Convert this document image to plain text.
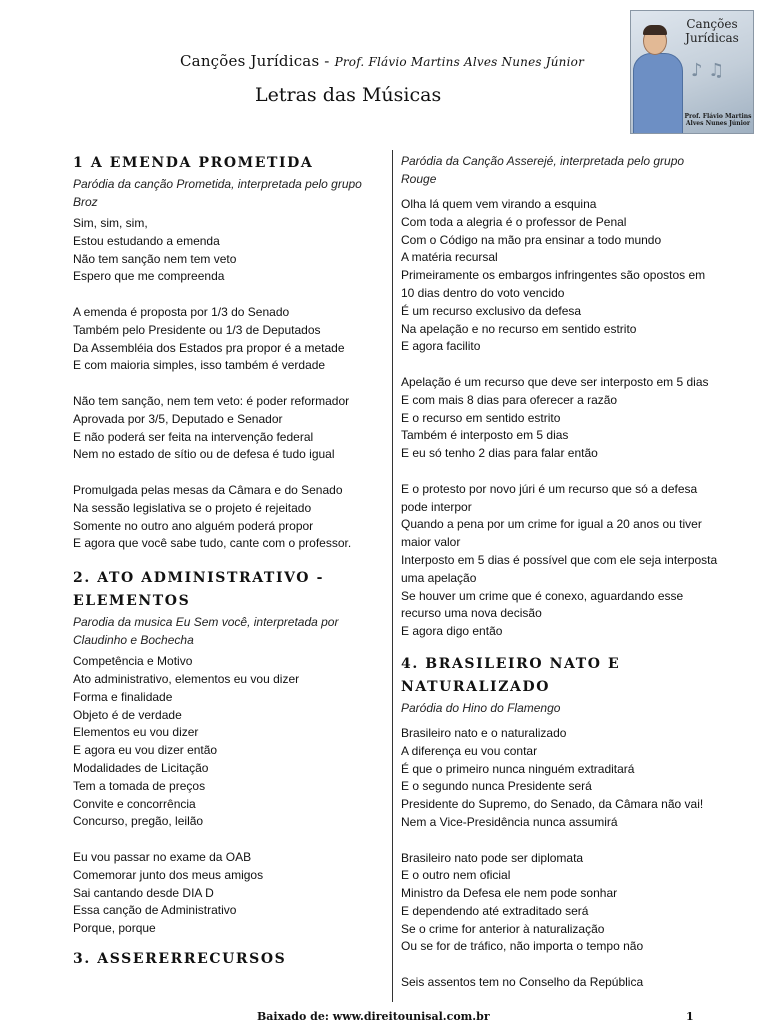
Canções Jurídicas - Prof. Flávio Martins Alves Nunes Júnior
Letras das Músicas
♪ ♫
Canções
Jurídicas
Prof. Flávio Martins
Alves Nunes Júnior
1 A EMENDA PROMETIDA

Paródia da canção Prometida, interpretada pelo grupo Broz

Sim, sim, sim,
Estou estudando a emenda
Não tem sanção nem tem veto
Espero que me compreenda
A emenda é proposta por 1/3 do Senado
Também pelo Presidente ou 1/3 de Deputados
Da Assembléia dos Estados pra propor é a metade
E com maioria simples, isso também é verdade
Não tem sanção, nem tem veto: é poder reformador
Aprovada por 3/5, Deputado e Senador
E não poderá ser feita na intervenção federal
Nem no estado de sítio ou de defesa é tudo igual
Promulgada pelas mesas da Câmara e do Senado
Na sessão legislativa se o projeto é rejeitado
Somente no outro ano alguém poderá propor
E agora que você sabe tudo, cante com o professor.
2. ATO ADMINISTRATIVO - ELEMENTOS

Parodia da musica Eu Sem você, interpretada por Claudinho e Bochecha

Competência e Motivo
Ato administrativo, elementos eu vou dizer
Forma e finalidade
Objeto é de verdade
Elementos eu vou dizer
E agora eu vou dizer então
Modalidades de Licitação
Tem a tomada de preços
Convite e concorrência
Concurso, pregão, leilão
Eu vou passar no exame da OAB
Comemorar junto dos meus amigos
Sai cantando desde DIA D
Essa canção de Administrativo
Porque, porque
3. ASSERERRECURSOS

Paródia da Canção Asserejé, interpretada pelo grupo Rouge

Olha lá quem vem virando a esquina
Com toda a alegria é o professor de Penal
Com o Código na mão pra ensinar a todo mundo
A matéria recursal
Primeiramente os embargos infringentes são opostos em
10 dias dentro do voto vencido
É um recurso exclusivo da defesa
Na apelação e no recurso em sentido estrito
E agora facilito
Apelação é um recurso que deve ser interposto em 5 dias
E com mais 8 dias para oferecer a razão
E o recurso em sentido estrito
Também é interposto em 5 dias
E eu só tenho 2 dias para falar então
E o protesto por novo júri é um recurso que só a defesa
pode interpor
Quando a pena por um crime for igual a 20 anos ou tiver
maior valor
Interposto em 5 dias é possível que com ele seja interposta
uma apelação
Se houver um crime que é conexo, aguardando esse
recurso uma nova decisão
E agora digo então
4. BRASILEIRO NATO E NATURALIZADO

Paródia do Hino do Flamengo

Brasileiro nato e o naturalizado
A diferença eu vou contar
É que o primeiro nunca ninguém extraditará
E o segundo nunca Presidente será
Presidente do Supremo, do Senado, da Câmara não vai!
Nem a Vice-Presidência nunca assumirá
Brasileiro nato pode ser diplomata
E o outro nem oficial
Ministro da Defesa ele nem pode sonhar
E dependendo até extraditado será
Se o crime for anterior à naturalização
Ou se for de tráfico, não importa o tempo não
Seis assentos tem no Conselho da República
Baixado de: www.direitounisal.com.br	1
